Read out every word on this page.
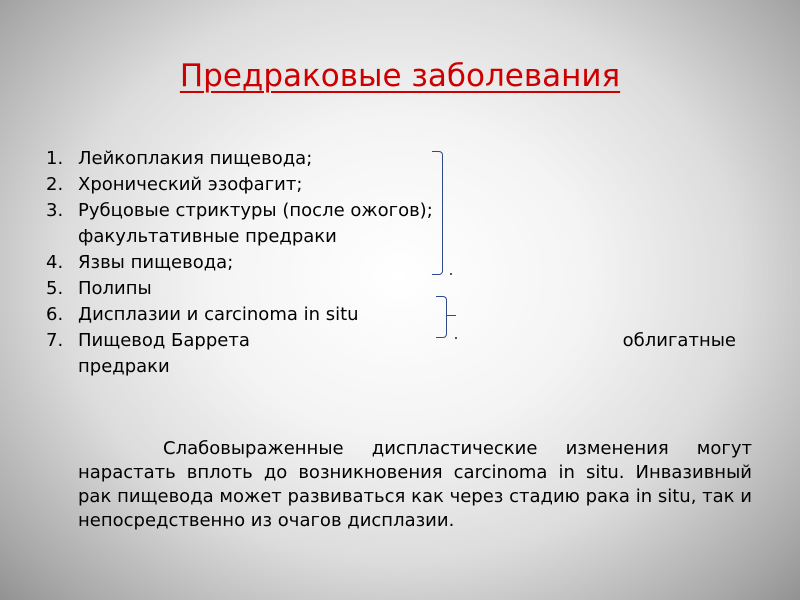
Предраковые заболевания
1. Лейкоплакия пищевода;
2. Хронический эзофагит;
3. Рубцовые стриктуры (после ожогов);
факультативные предраки
4. Язвы пищевода;
5. Полипы
6. Дисплазии и carcinoma in situ
7. Пищевод Баррета	облигатные
предраки

Слабовыраженные диспластические изменения могут нарастать вплоть до возникновения carcinoma in situ. Инвазивный рак пищевода может развиваться как через стадию рака in situ, так и непосредственно из очагов дисплазии.
